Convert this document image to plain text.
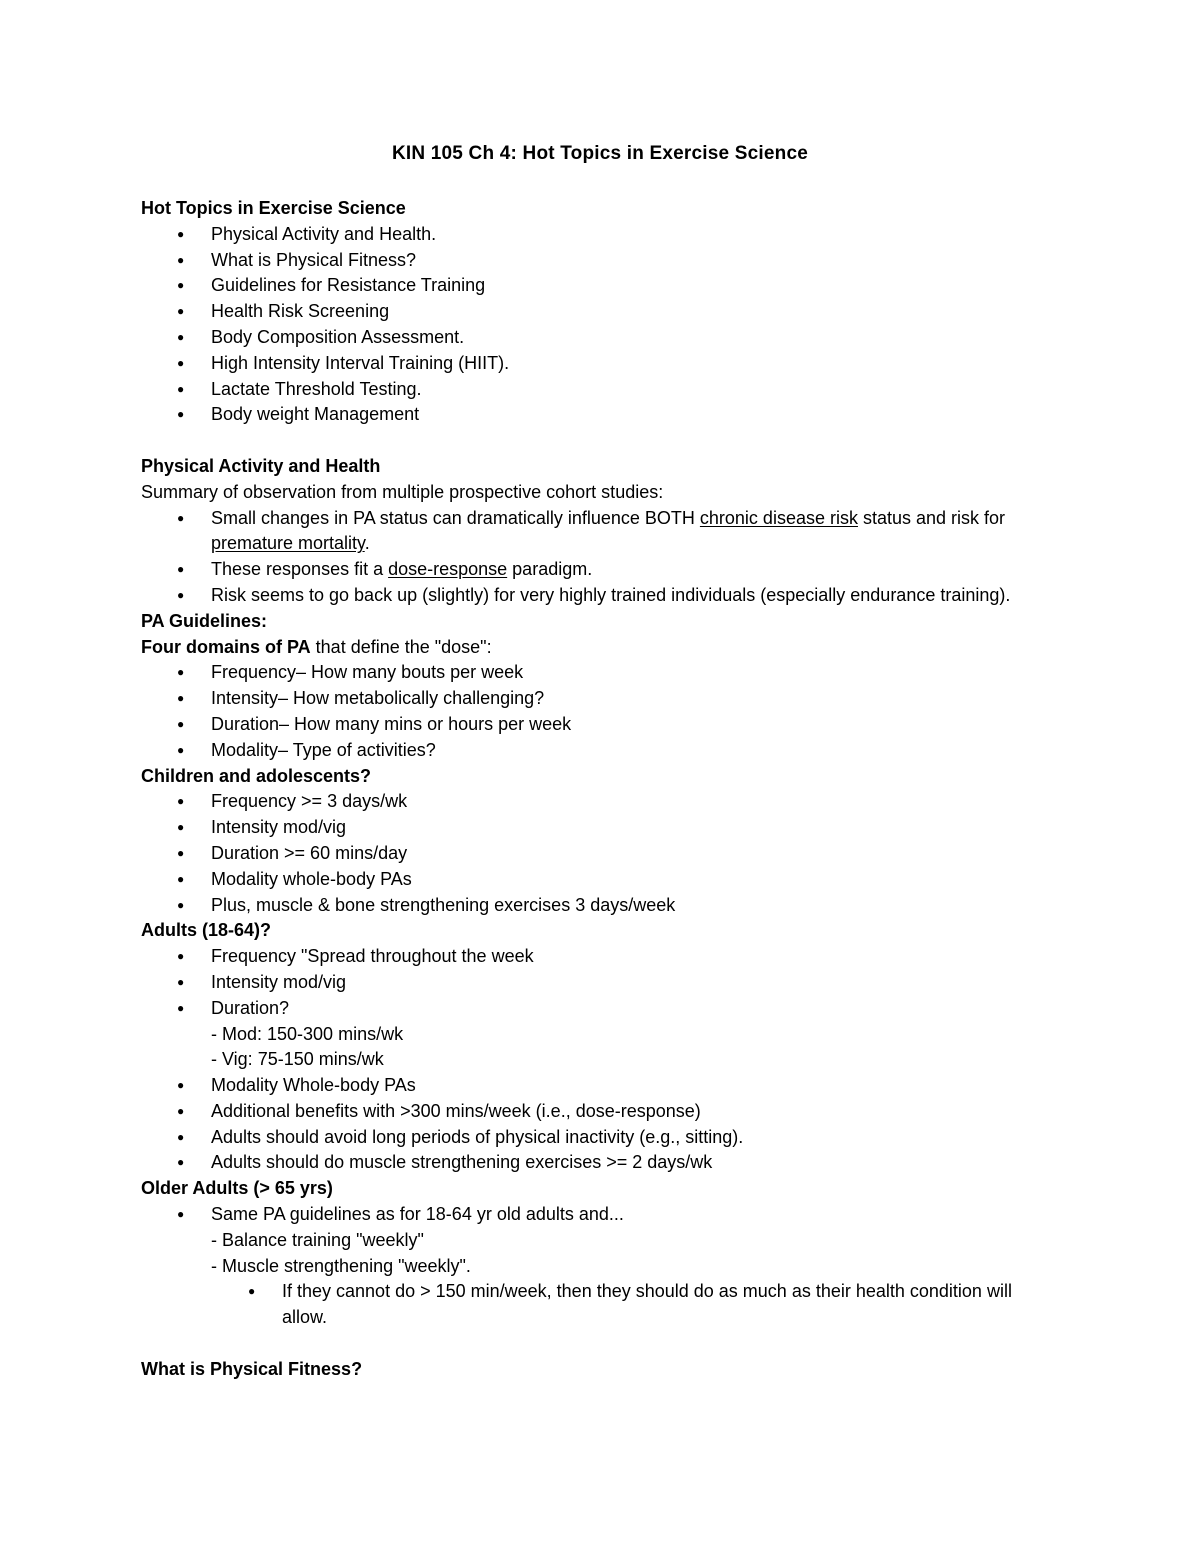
KIN 105 Ch 4: Hot Topics in Exercise Science

Hot Topics in Exercise Science

● Physical Activity and Health.
● What is Physical Fitness?
● Guidelines for Resistance Training
● Health Risk Screening
● Body Composition Assessment.
● High Intensity Interval Training (HIIT).
● Lactate Threshold Testing.
● Body weight Management

Physical Activity and Health

Summary of observation from multiple prospective cohort studies:

● Small changes in PA status can dramatically influence BOTH chronic disease risk status and risk for premature mortality.
● These responses fit a dose-response paradigm.
● Risk seems to go back up (slightly) for very highly trained individuals (especially endurance training).

PA Guidelines:

Four domains of PA that define the "dose":

● Frequency– How many bouts per week
● Intensity– How metabolically challenging?
● Duration– How many mins or hours per week
● Modality– Type of activities?

Children and adolescents?

● Frequency >= 3 days/wk
● Intensity mod/vig
● Duration >= 60 mins/day
● Modality whole-body PAs
● Plus, muscle & bone strengthening exercises 3 days/week

Adults (18-64)?

● Frequency "Spread throughout the week
● Intensity mod/vig
● Duration?

- Mod: 150-300 mins/wk

- Vig: 75-150 mins/wk

● Modality Whole-body PAs
● Additional benefits with >300 mins/week (i.e., dose-response)
● Adults should avoid long periods of physical inactivity (e.g., sitting).
● Adults should do muscle strengthening exercises >= 2 days/wk

Older Adults (> 65 yrs)

● Same PA guidelines as for 18-64 yr old adults and...

- Balance training "weekly"

- Muscle strengthening "weekly".

● If they cannot do > 150 min/week, then they should do as much as their health condition will allow.

What is Physical Fitness?
